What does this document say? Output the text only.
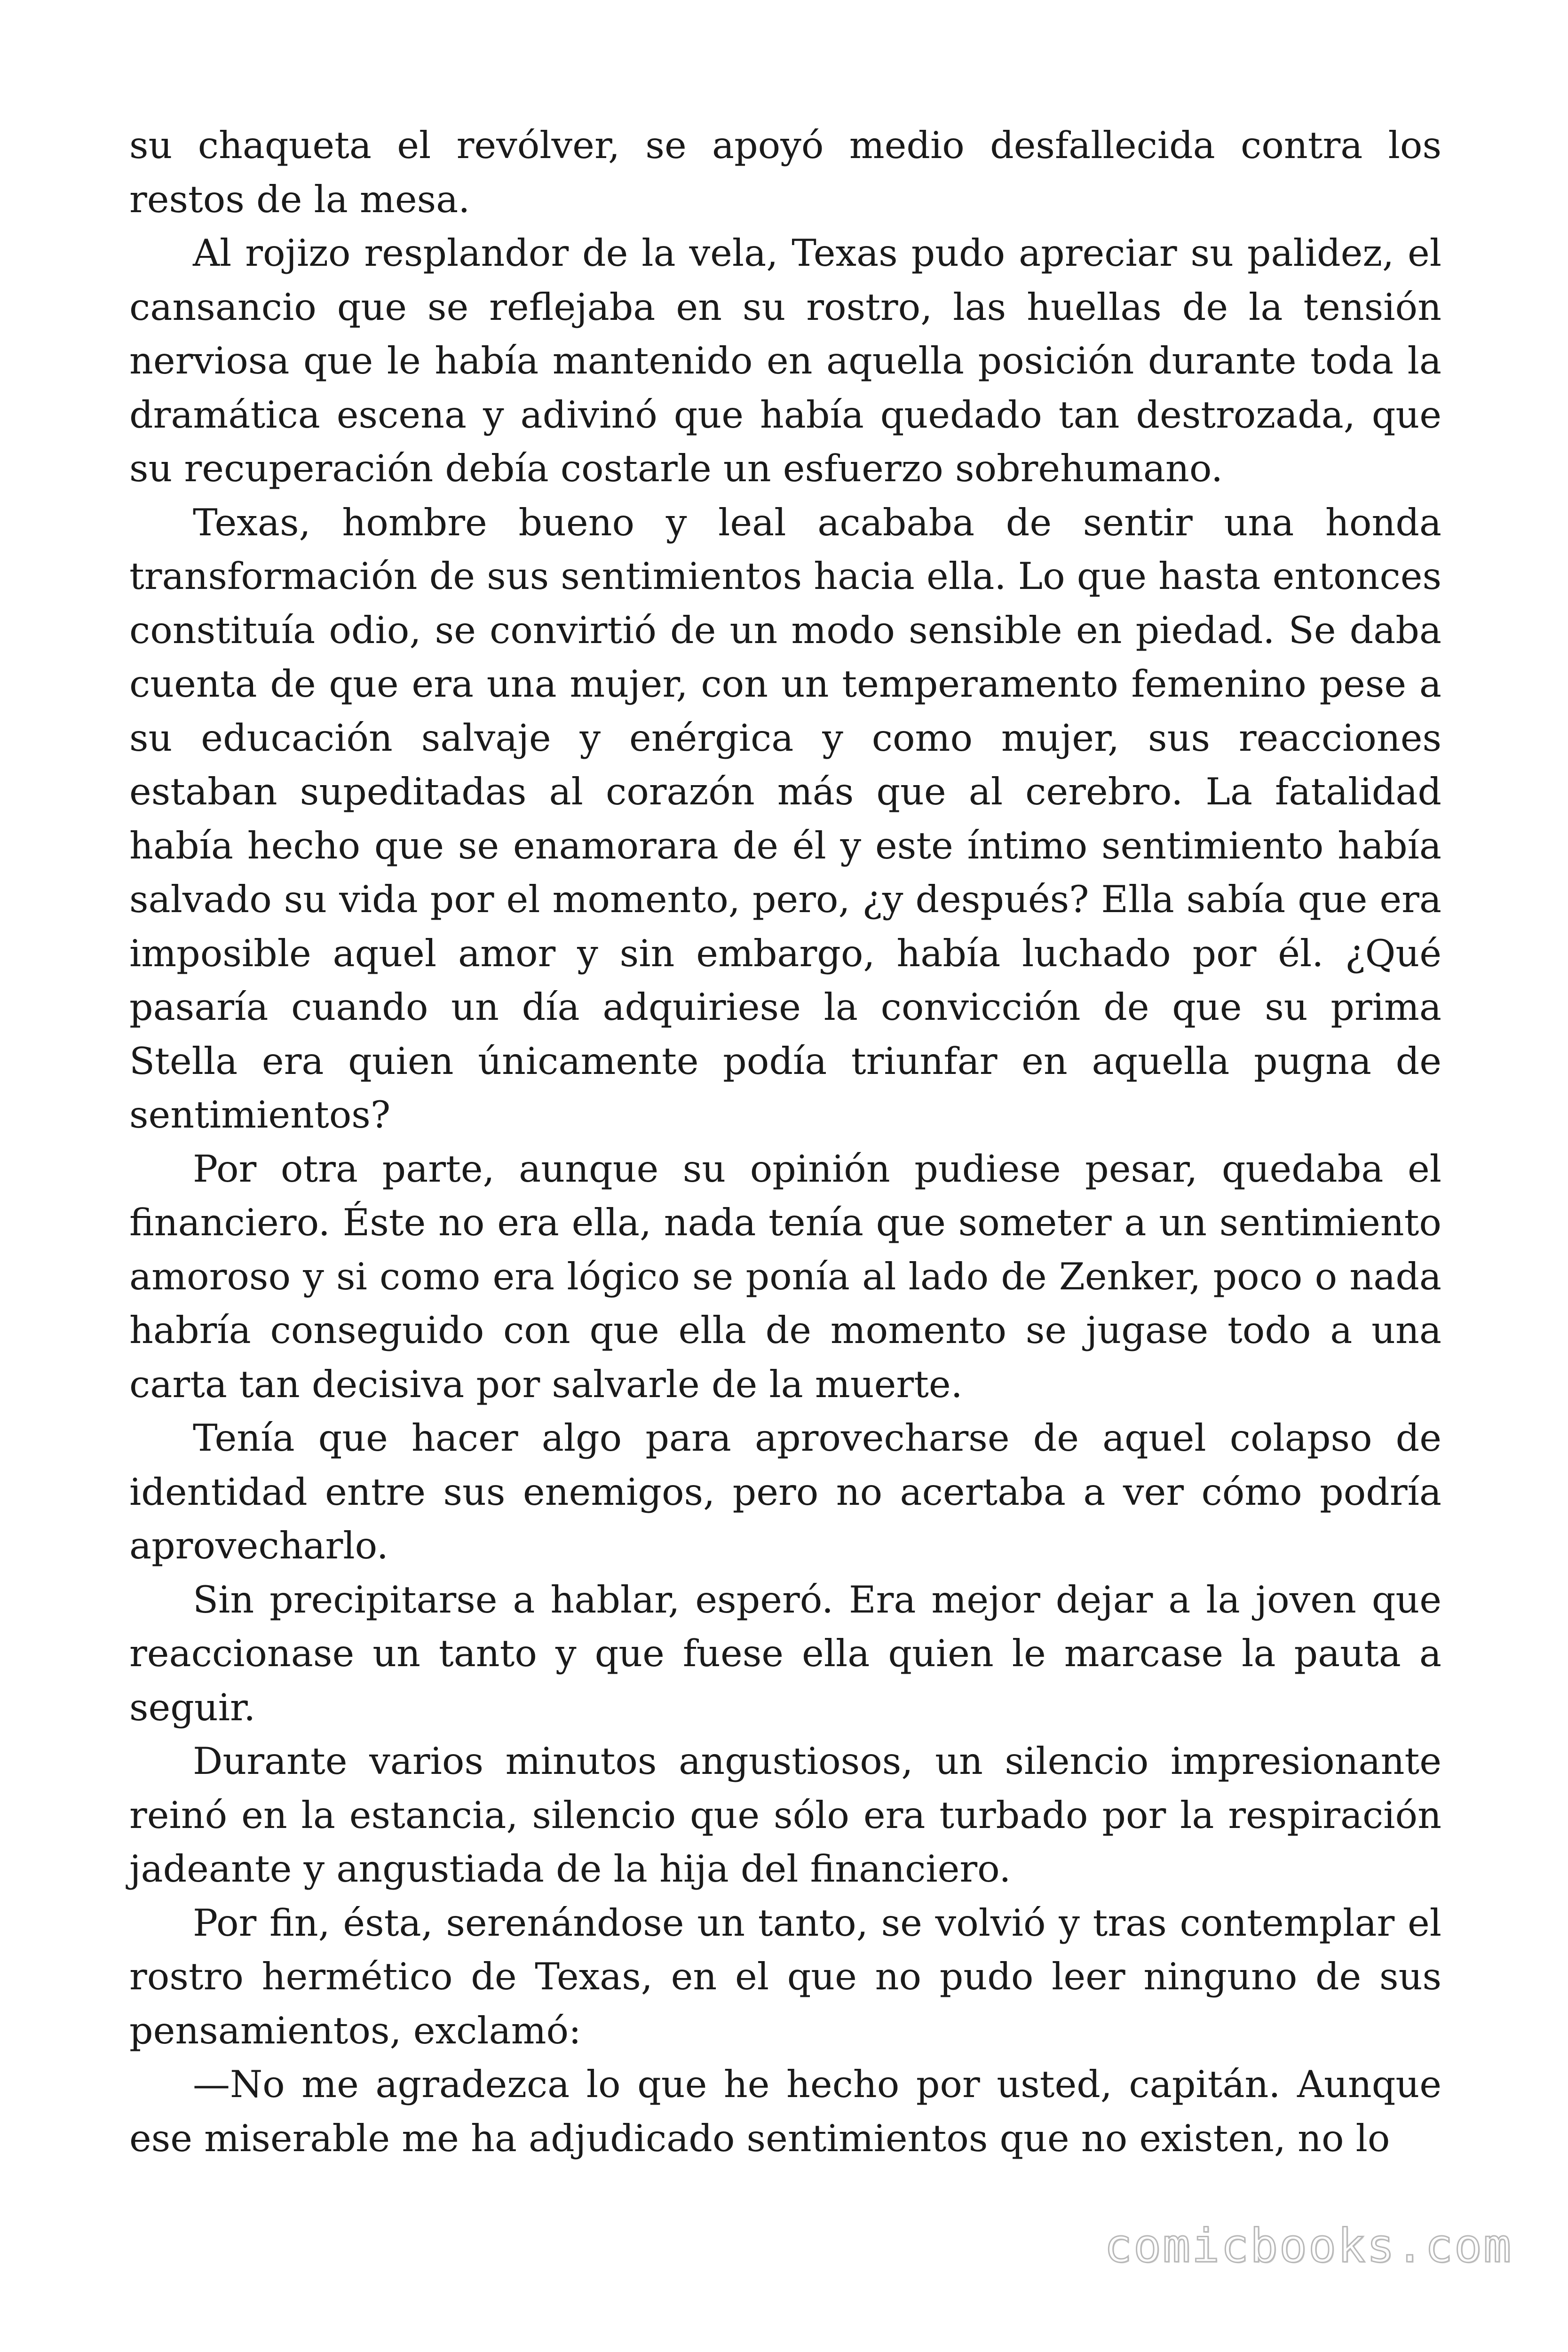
su chaqueta el revólver, se apoyó medio desfallecida contra los restos de la mesa.

Al rojizo resplandor de la vela, Texas pudo apreciar su palidez, el cansancio que se reflejaba en su rostro, las huellas de la tensión nerviosa que le había mantenido en aquella posición durante toda la dramática escena y adivinó que había quedado tan destrozada, que su recuperación debía costarle un esfuerzo sobrehumano.

Texas, hombre bueno y leal acababa de sentir una honda transformación de sus sentimientos hacia ella. Lo que hasta entonces constituía odio, se convirtió de un modo sensible en piedad. Se daba cuenta de que era una mujer, con un temperamento femenino pese a su educación salvaje y enérgica y como mujer, sus reacciones estaban supeditadas al corazón más que al cerebro. La fatalidad había hecho que se enamorara de él y este íntimo sentimiento había salvado su vida por el momento, pero, ¿y después? Ella sabía que era imposible aquel amor y sin embargo, había luchado por él. ¿Qué pasaría cuando un día adquiriese la convicción de que su prima Stella era quien únicamente podía triunfar en aquella pugna de sentimientos?

Por otra parte, aunque su opinión pudiese pesar, quedaba el financiero. Éste no era ella, nada tenía que someter a un sentimiento amoroso y si como era lógico se ponía al lado de Zenker, poco o nada habría conseguido con que ella de momento se jugase todo a una carta tan decisiva por salvarle de la muerte.

Tenía que hacer algo para aprovecharse de aquel colapso de identidad entre sus enemigos, pero no acertaba a ver cómo podría aprovecharlo.

Sin precipitarse a hablar, esperó. Era mejor dejar a la joven que reaccionase un tanto y que fuese ella quien le marcase la pauta a seguir.

Durante varios minutos angustiosos, un silencio impresionante reinó en la estancia, silencio que sólo era turbado por la respiración jadeante y angustiada de la hija del financiero.

Por fin, ésta, serenándose un tanto, se volvió y tras contemplar el rostro hermético de Texas, en el que no pudo leer ninguno de sus pensamientos, exclamó:

—No me agradezca lo que he hecho por usted, capitán. Aunque ese miserable me ha adjudicado sentimientos que no existen, no lo

comicbooks.com
